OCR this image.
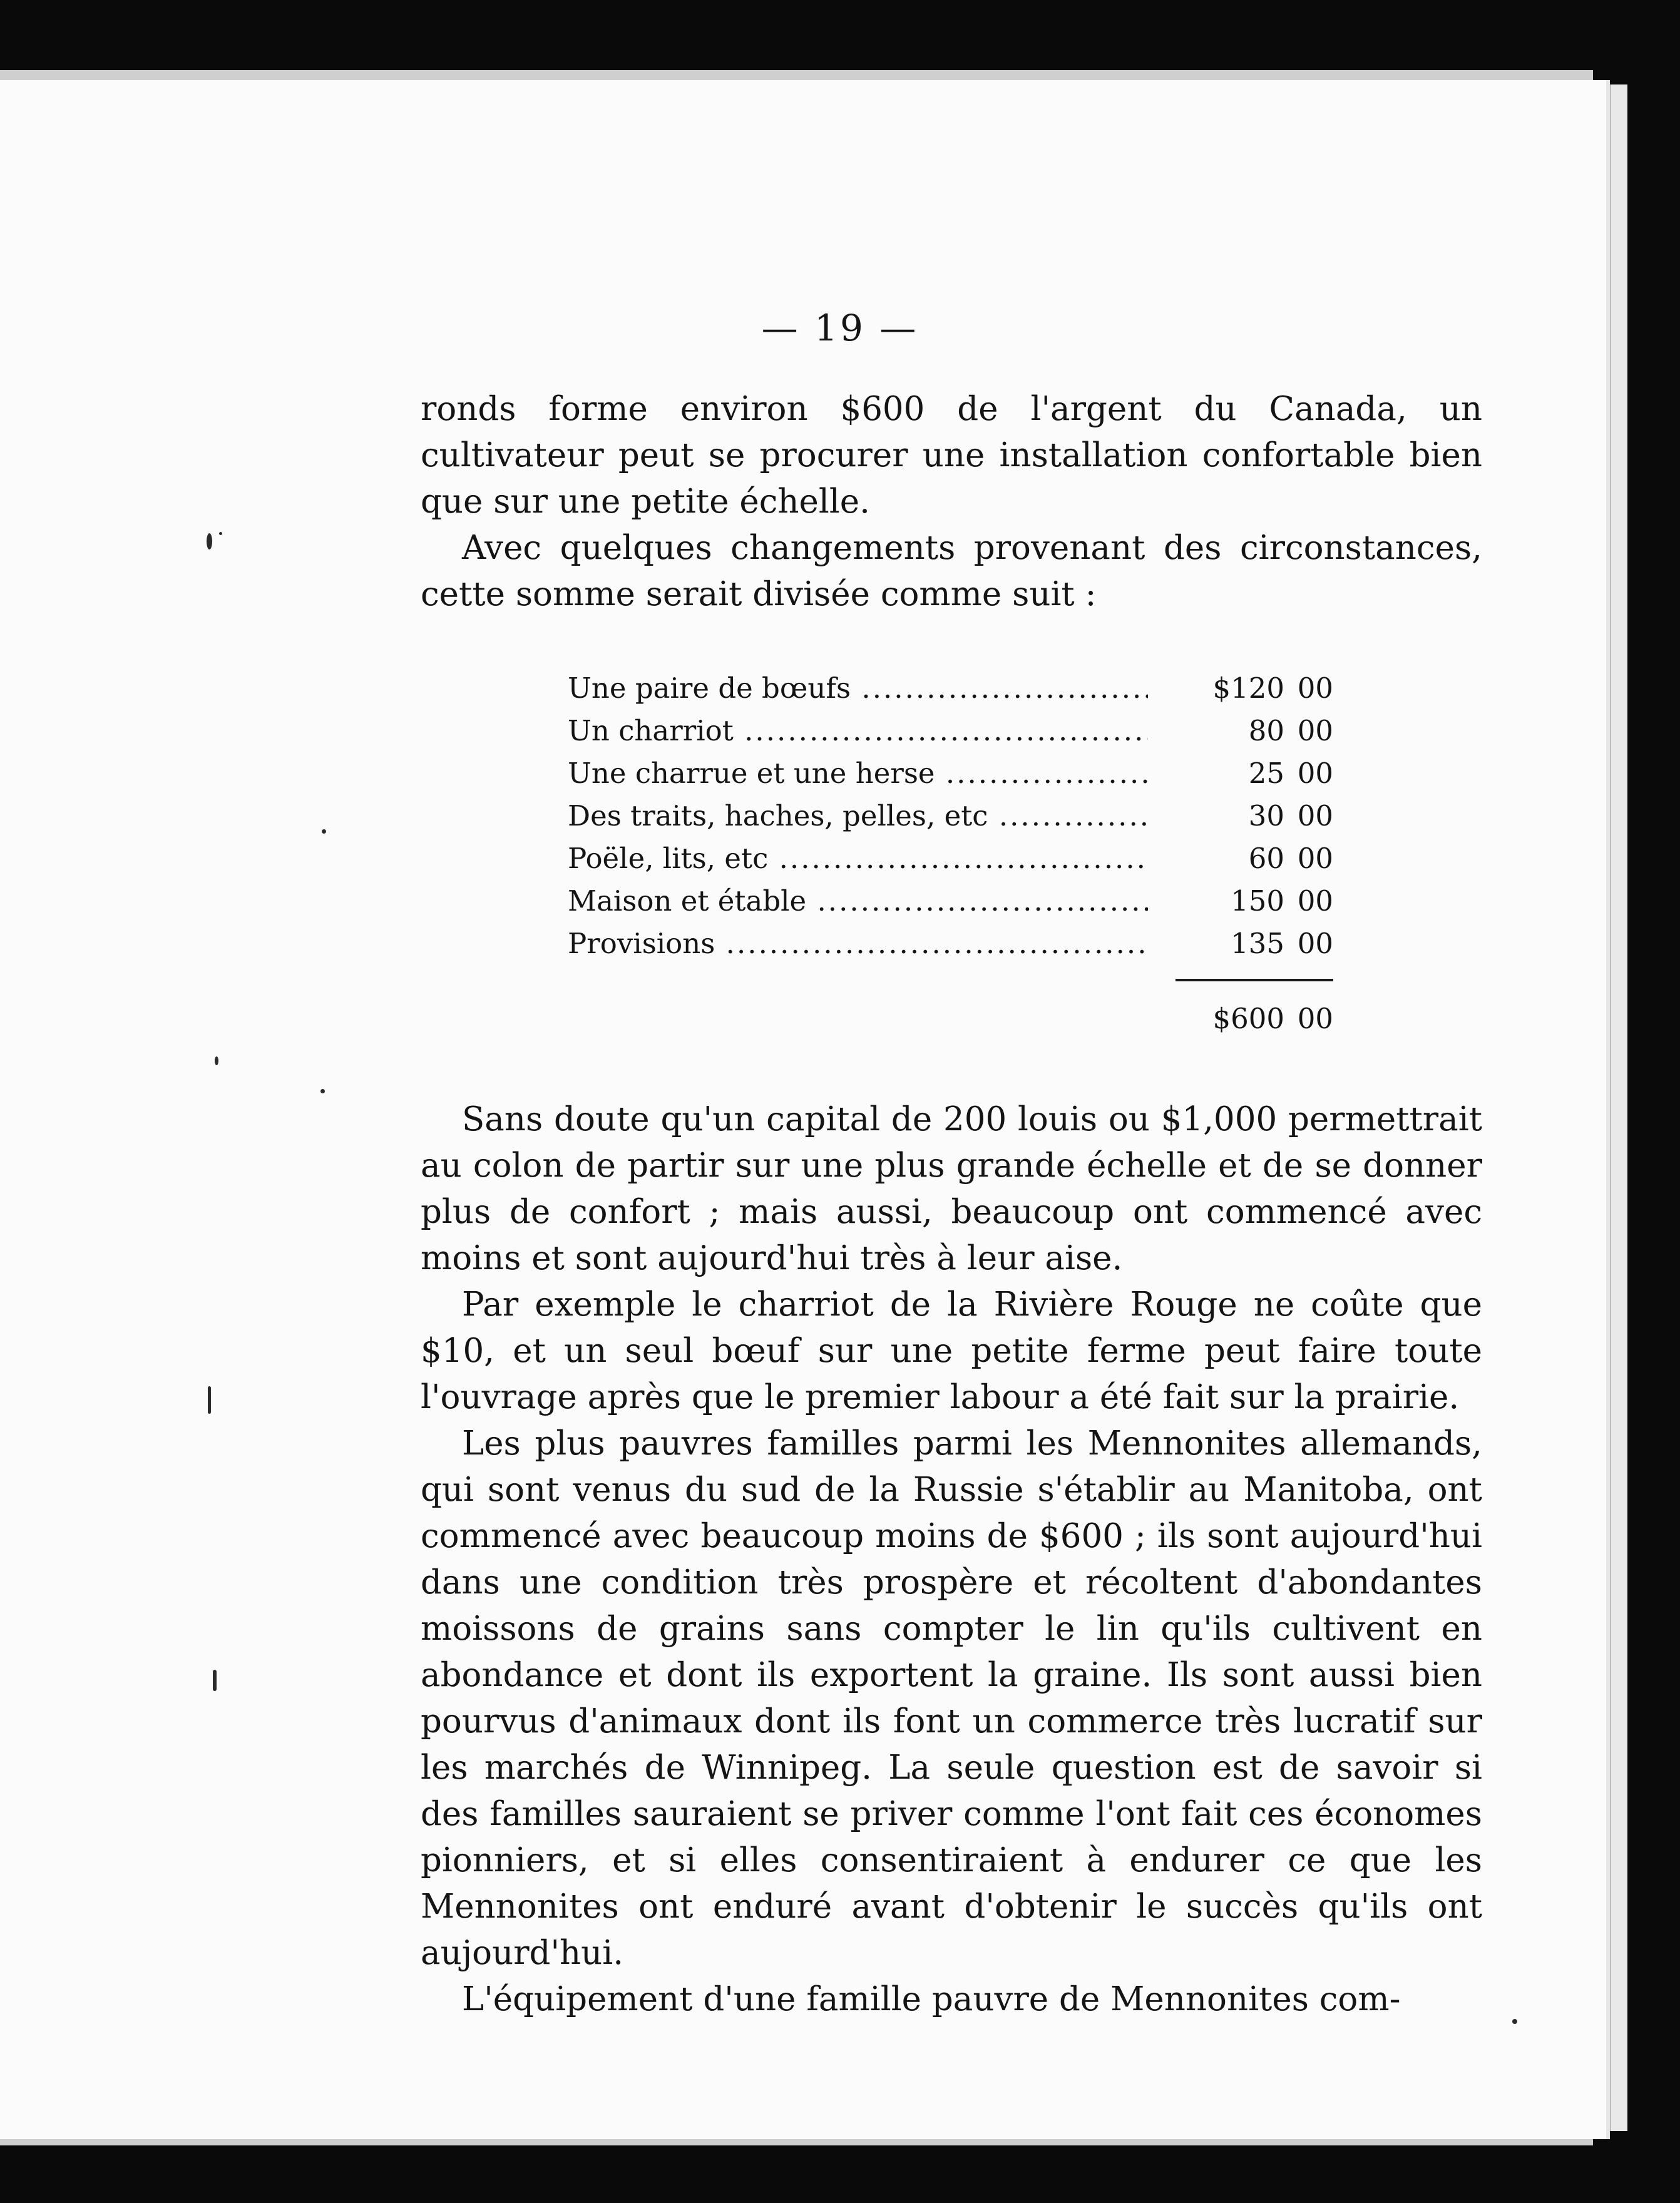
— 19 —

ronds forme environ $600 de l'argent du Canada, un cultivateur peut se procurer une installation confortable bien que sur une petite échelle.

Avec quelques changements provenant des circonstances, cette somme serait divisée comme suit :

Une paire de bœufs .....	$120 00
Un charriot .....	80 00
Une charrue et une herse .....	25 00
Des traits, haches, pelles, etc .....	30 00
Poële, lits, etc .....	60 00
Maison et étable .....	150 00
Provisions .....	135 00
$600 00

Sans doute qu'un capital de 200 louis ou $1,000 permettrait au colon de partir sur une plus grande échelle et de se donner plus de confort ; mais aussi, beaucoup ont commencé avec moins et sont aujourd'hui très à leur aise.

Par exemple le charriot de la Rivière Rouge ne coûte que $10, et un seul bœuf sur une petite ferme peut faire toute l'ouvrage après que le premier labour a été fait sur la prairie.

Les plus pauvres familles parmi les Mennonites allemands, qui sont venus du sud de la Russie s'établir au Manitoba, ont commencé avec beaucoup moins de $600 ; ils sont aujourd'hui dans une condition très prospère et récoltent d'abondantes moissons de grains sans compter le lin qu'ils cultivent en abondance et dont ils exportent la graine. Ils sont aussi bien pourvus d'animaux dont ils font un commerce très lucratif sur les marchés de Winnipeg. La seule question est de savoir si des familles sauraient se priver comme l'ont fait ces économes pionniers, et si elles consentiraient à endurer ce que les Mennonites ont enduré avant d'obtenir le succès qu'ils ont aujourd'hui.

L'équipement d'une famille pauvre de Mennonites com-
